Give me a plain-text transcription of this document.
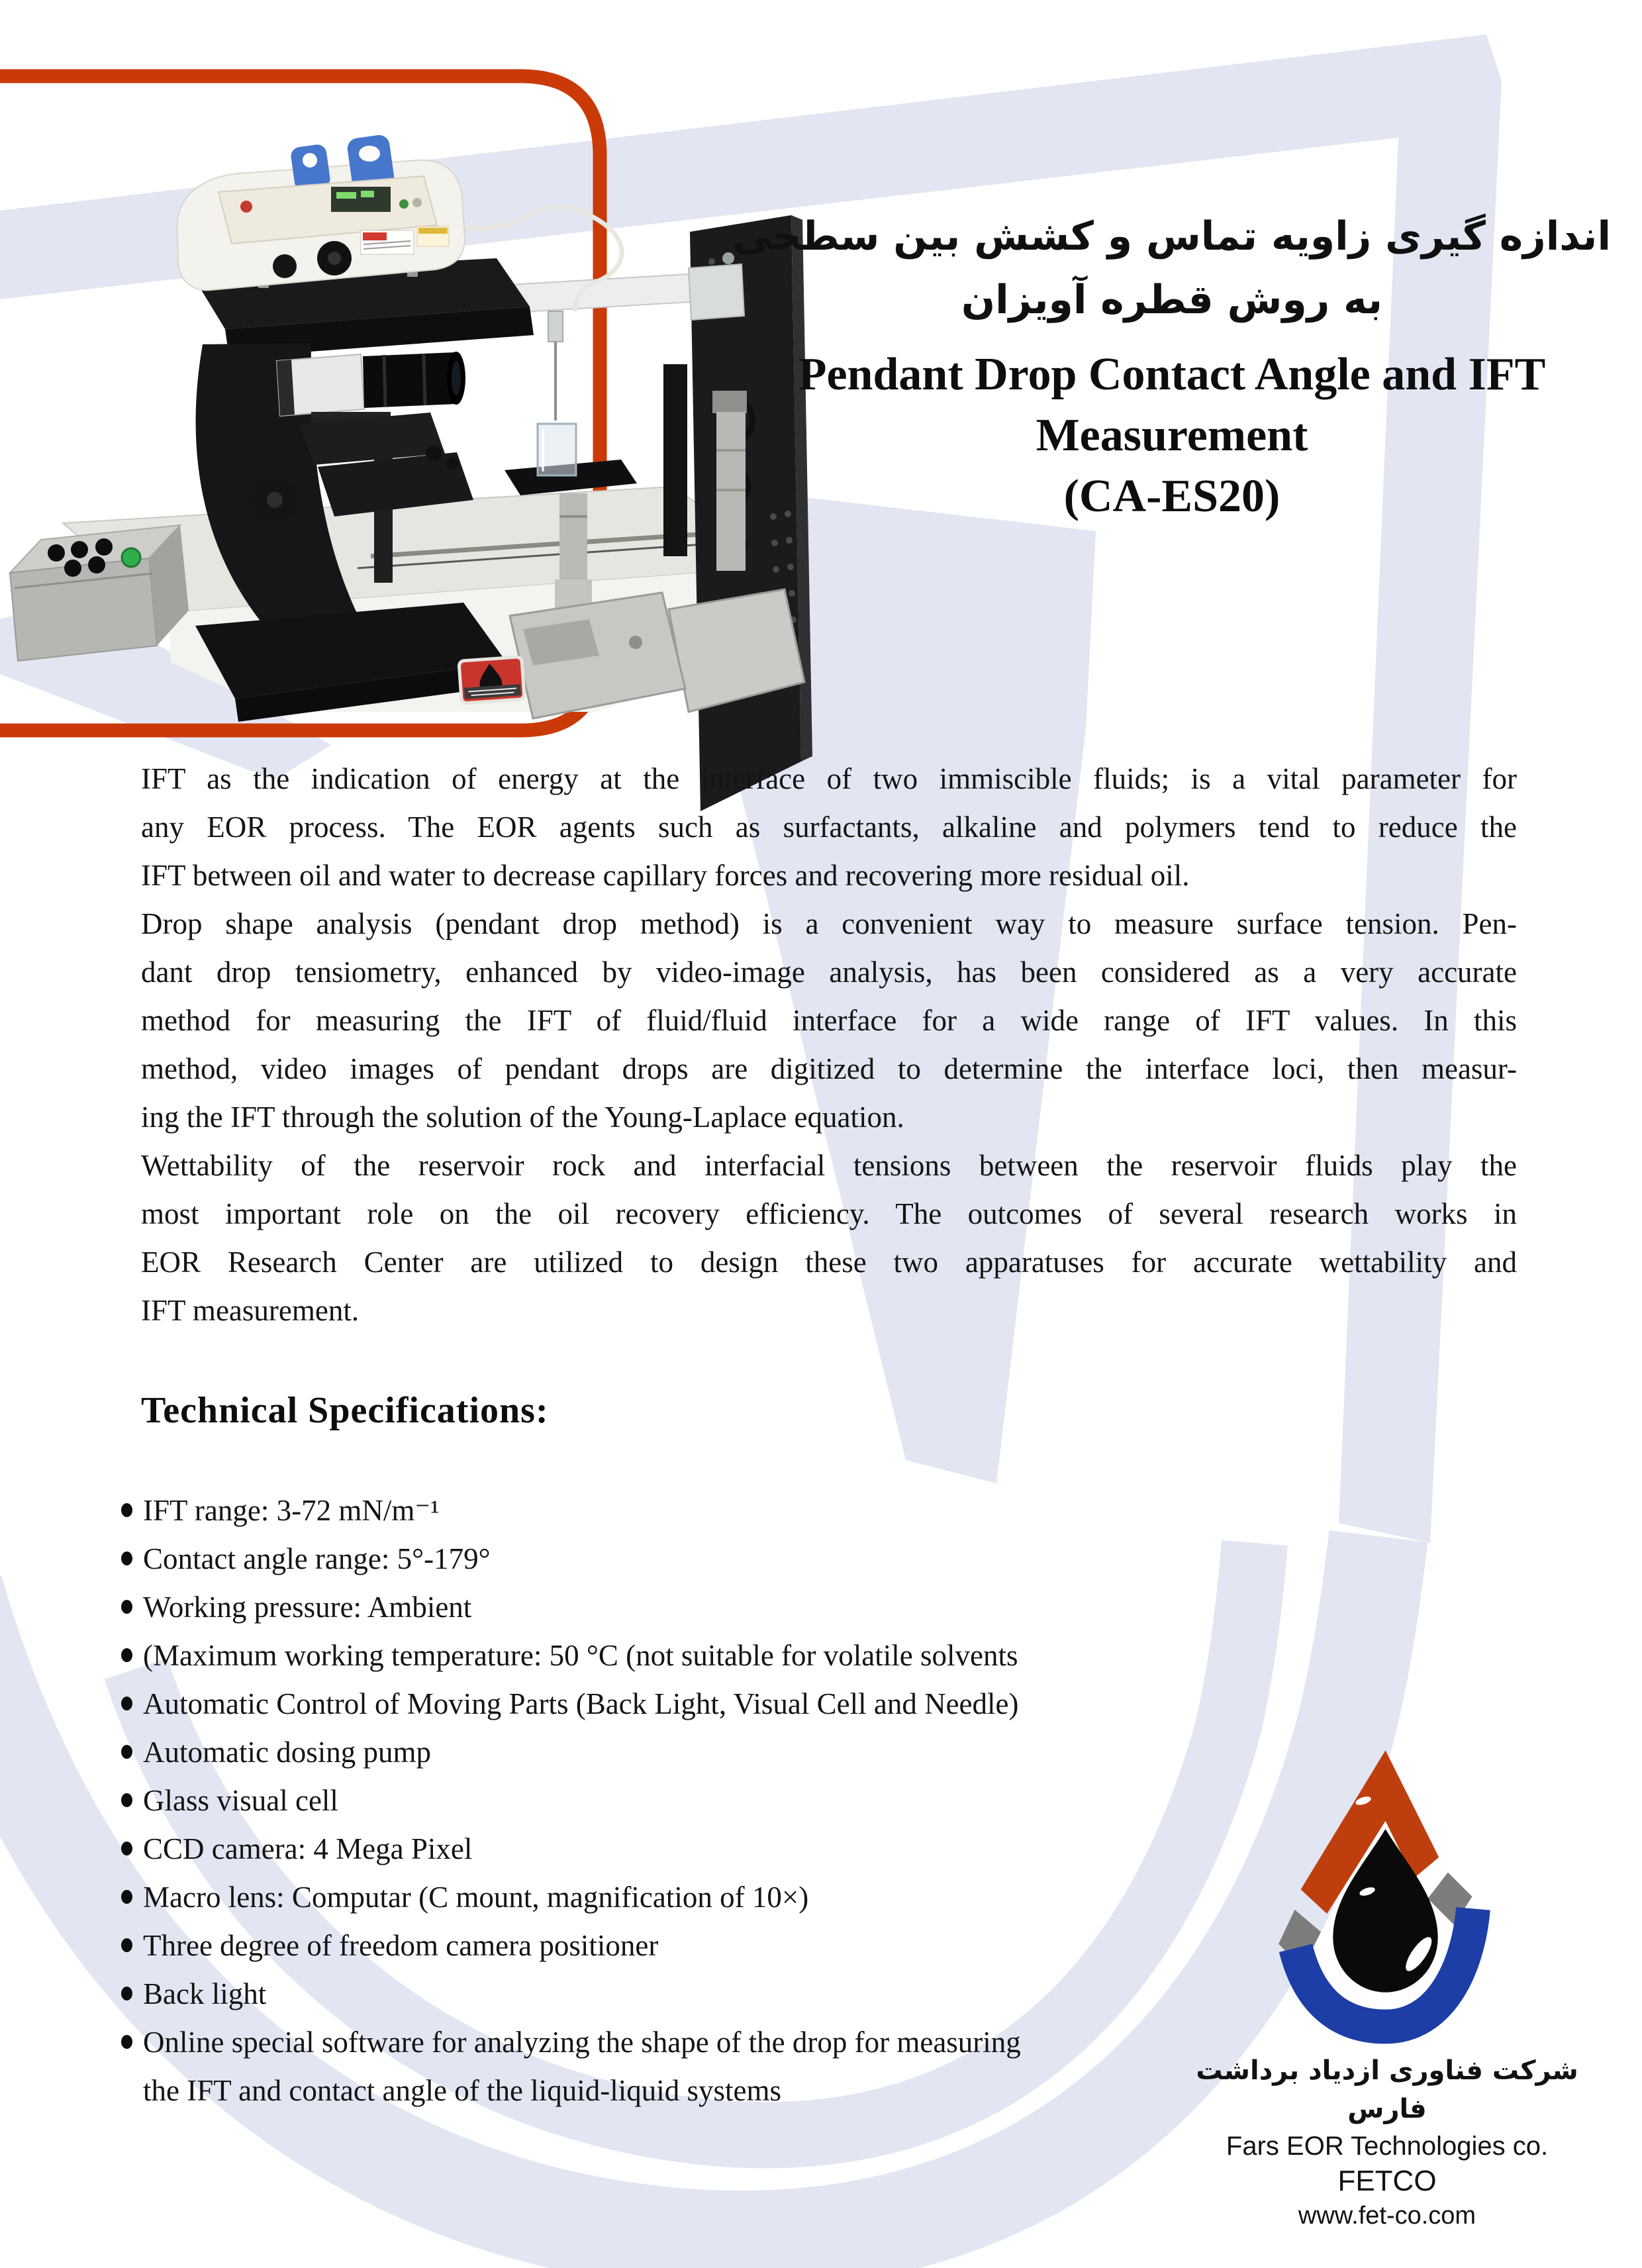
اندازه گیری زاویه تماس و کشش بین سطحی
به روش قطره آویزان
Pendant Drop Contact Angle and IFT
Measurement
(CA-ES20)
IFT as the indication of energy at the interface of two immiscible fluids; is a vital parameter for
any EOR process. The EOR agents such as surfactants, alkaline and polymers tend to reduce the
IFT between oil and water to decrease capillary forces and recovering more residual oil.
Drop shape analysis (pendant drop method) is a convenient way to measure surface tension. Pen-
dant drop tensiometry, enhanced by video-image analysis, has been considered as a very accurate
method for measuring the IFT of fluid/fluid interface for a wide range of IFT values. In this
method, video images of pendant drops are digitized to determine the interface loci, then measur-
ing the IFT through the solution of the Young-Laplace equation.
Wettability of the reservoir rock and interfacial tensions between the reservoir fluids play the
most important role on the oil recovery efficiency. The outcomes of several research works in
EOR Research Center are utilized to design these two apparatuses for accurate wettability and
IFT measurement.
Technical Specifications:
IFT range: 3-72 mN/m⁻¹
Contact angle range: 5°-179°
Working pressure: Ambient
(Maximum working temperature: 50 °C (not suitable for volatile solvents
Automatic Control of Moving Parts (Back Light, Visual Cell and Needle)
Automatic dosing pump
Glass visual cell
CCD camera: 4 Mega Pixel
Macro lens: Computar (C mount, magnification of 10×)
Three degree of freedom camera positioner
Back light
Online special software for analyzing the shape of the drop for measuring
the IFT and contact angle of the liquid-liquid systems
شرکت فناوری ازدیاد برداشت فارس
Fars EOR Technologies co.
FETCO
www.fet-co.com
